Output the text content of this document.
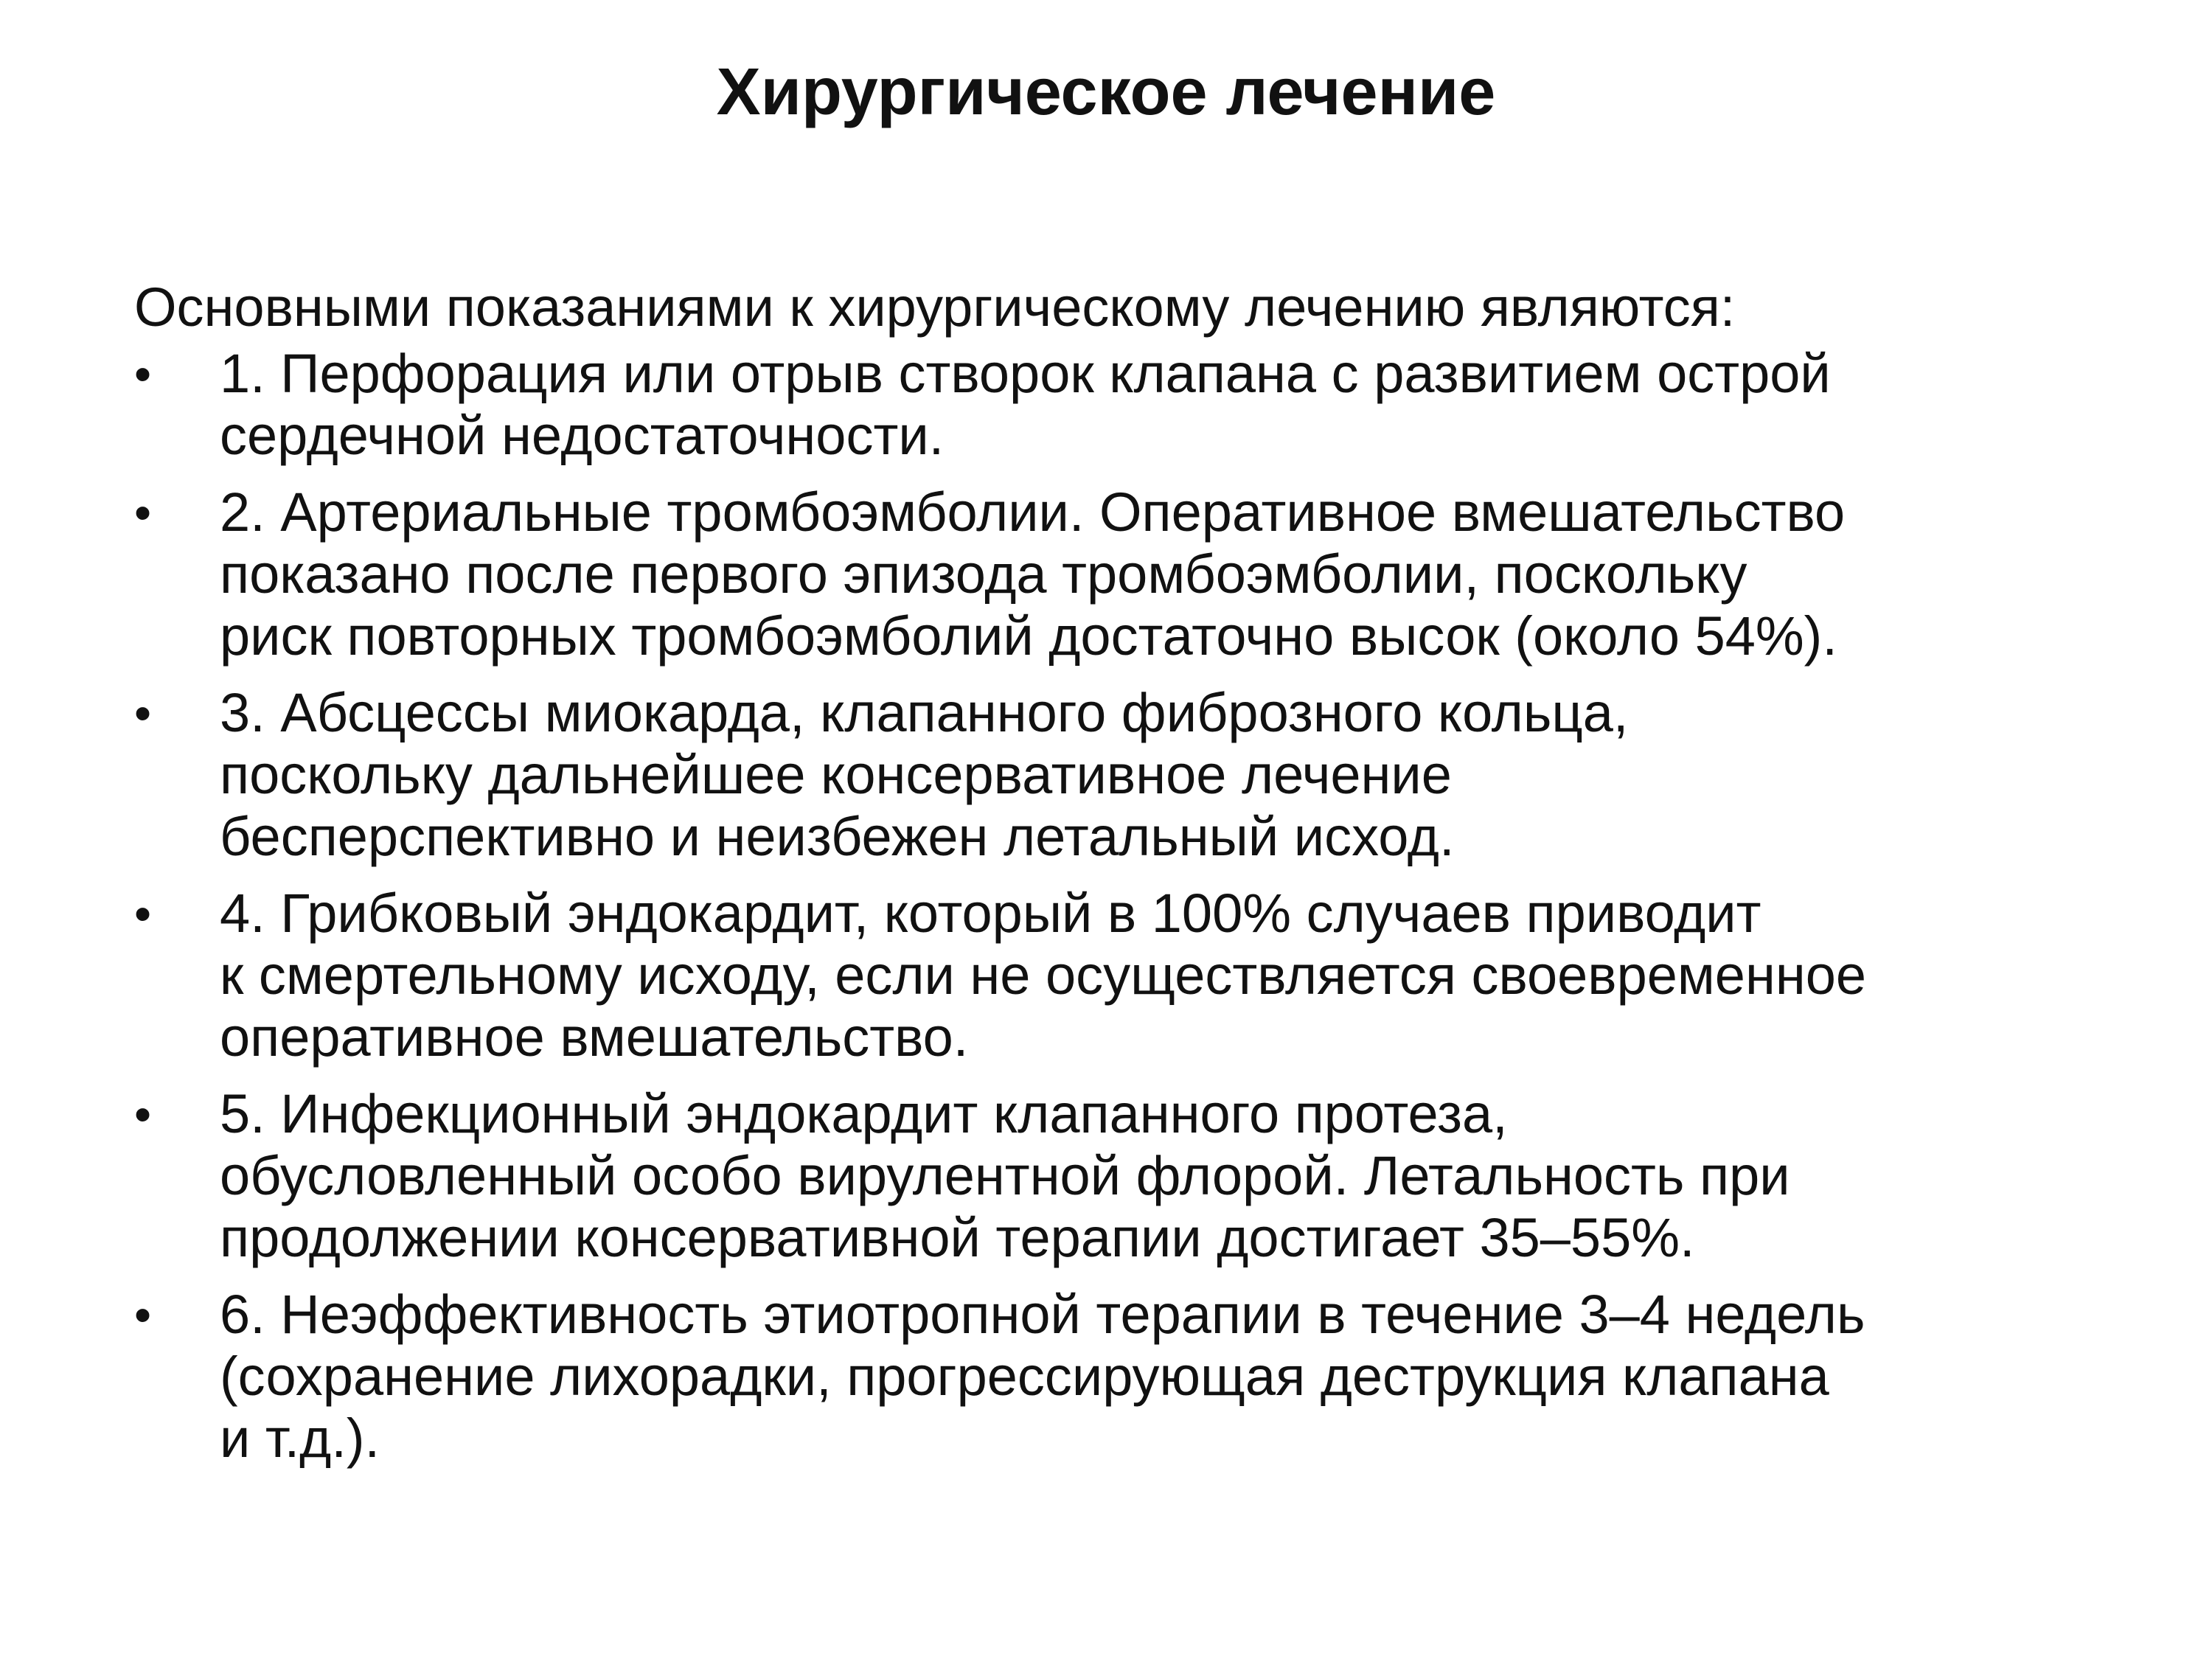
Хирургическое лечение

Основными показаниями к хирургическому лечению являются:

•	1. Перфорация или отрыв створок клапана с развитием острой
сердечной недостаточности.
•	2. Артериальные тромбоэмболии. Оперативное вмешательство
показано после первого эпизода тромбоэмболии, поскольку
риск повторных тромбоэмболий достаточно высок (около 54%).
•	3. Абсцессы миокарда, клапанного фиброзного кольца,
поскольку дальнейшее консервативное лечение
бесперспективно и неизбежен летальный исход.
•	4. Грибковый эндокардит, который в 100% случаев приводит
к смертельному исходу, если не осуществляется своевременное
оперативное вмешательство.
•	5. Инфекционный эндокардит клапанного протеза,
обусловленный особо вирулентной флорой. Летальность при
продолжении консервативной терапии достигает 35–55%.
•	6. Неэффективность этиотропной терапии в течение 3–4 недель
(сохранение лихорадки, прогрессирующая деструкция клапана
и т.д.).
